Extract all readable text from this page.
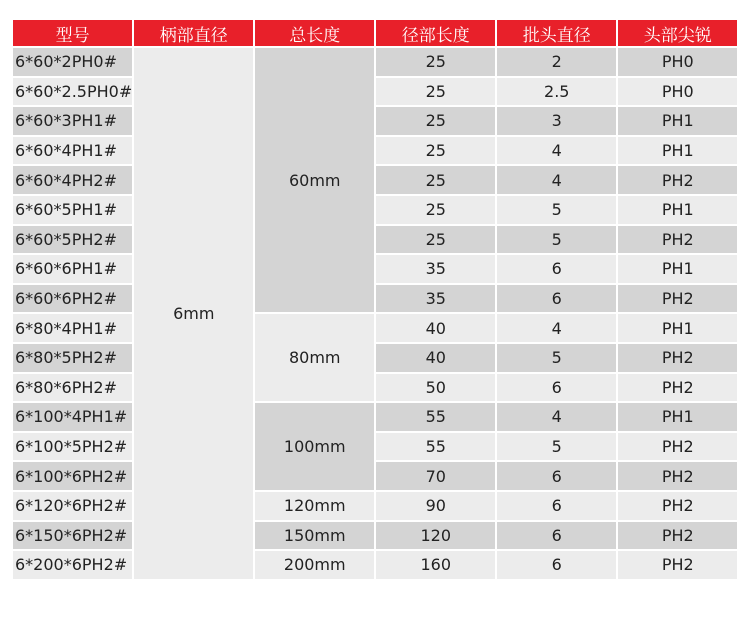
型号	柄部直径	总长度	径部长度	批头直径	头部尖锐
6*60*2PH0#	6mm	60mm	25	2	PH0
6*60*2.5PH0#			25	2.5	PH0
6*60*3PH1#			25	3	PH1
6*60*4PH1#			25	4	PH1
6*60*4PH2#			25	4	PH2
6*60*5PH1#			25	5	PH1
6*60*5PH2#			25	5	PH2
6*60*6PH1#			35	6	PH1
6*60*6PH2#			35	6	PH2
6*80*4PH1#		80mm	40	4	PH1
6*80*5PH2#			40	5	PH2
6*80*6PH2#			50	6	PH2
6*100*4PH1#		100mm	55	4	PH1
6*100*5PH2#			55	5	PH2
6*100*6PH2#			70	6	PH2
6*120*6PH2#		120mm	90	6	PH2
6*150*6PH2#		150mm	120	6	PH2
6*200*6PH2#		200mm	160	6	PH2
